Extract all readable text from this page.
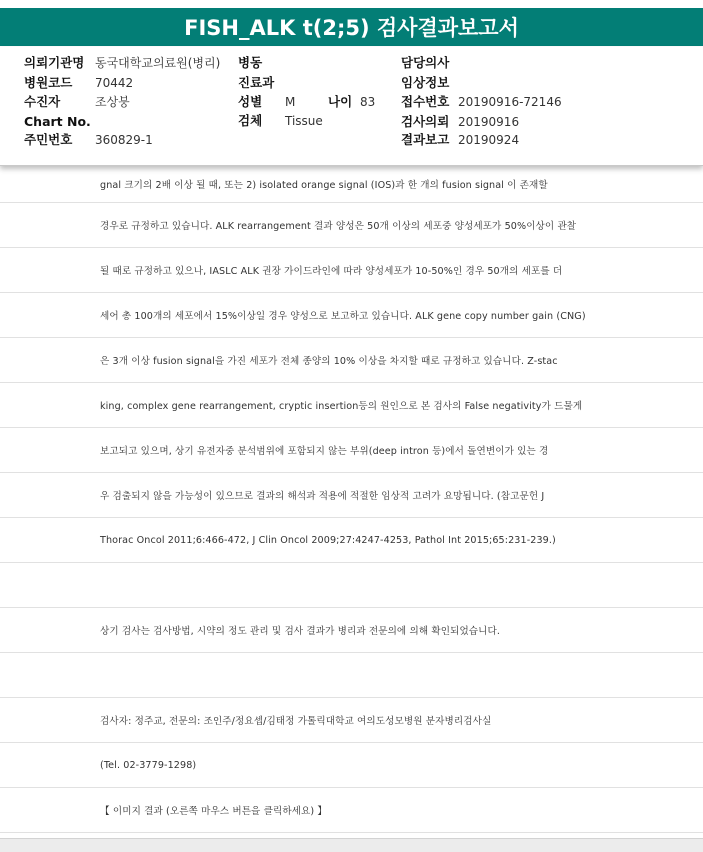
FISH_ALK t(2;5) 검사결과보고서
의뢰기관명 동국대학교의료원(병리)
병원코드 70442
수진자	조상붕
Chart No.
주민번호 360829-1
병동
진료과
성별 M	나이 83
검체 Tissue
담당의사
임상정보
접수번호 20190916-72146
검사의뢰 20190916
결과보고 20190924
gnal 크기의 2배 이상 될 때, 또는 2) isolated orange signal (IOS)과 한 개의 fusion signal 이 존재할
경우로 규정하고 있습니다. ALK rearrangement 결과 양성은 50개 이상의 세포중 양성세포가 50%이상이 관찰
될 때로 규정하고 있으나, IASLC ALK 권장 가이드라인에 따라 양성세포가 10-50%인 경우 50개의 세포를 더
세어 총 100개의 세포에서 15%이상일 경우 양성으로 보고하고 있습니다. ALK gene copy number gain (CNG)
은 3개 이상 fusion signal을 가진 세포가 전체 종양의 10% 이상을 차지할 때로 규정하고 있습니다. Z-stac
king, complex gene rearrangement, cryptic insertion등의 원인으로 본 검사의 False negativity가 드물게
보고되고 있으며, 상기 유전자중 분석범위에 포함되지 않는 부위(deep intron 등)에서 돌연변이가 있는 경
우 검출되지 않을 가능성이 있으므로 결과의 해석과 적용에 적절한 임상적 고려가 요망됩니다. (참고문헌 J
Thorac Oncol 2011;6:466-472, J Clin Oncol 2009;27:4247-4253, Pathol Int 2015;65:231-239.)
상기 검사는 검사방법, 시약의 정도 관리 및 검사 결과가 병리과 전문의에 의해 확인되었습니다.
검사자: 정주교, 전문의: 조인주/정요셉/김태정 가톨릭대학교 여의도성모병원 분자병리검사실
(Tel. 02-3779-1298)
【 이미지 결과 (오른쪽 마우스 버튼을 클릭하세요) 】
